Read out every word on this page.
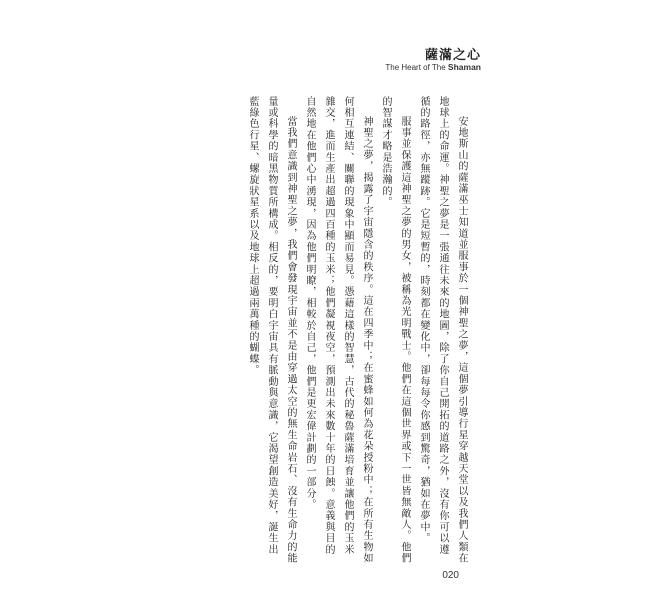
薩滿之心
The Heart of The Shaman

安地斯山的薩滿巫士知道並服事於一個神聖之夢，這個夢引導行星穿越天堂以及我們人類在地球上的命運。神聖之夢是一張通往未來的地圖，除了你自己開拓的道路之外，沒有你可以遵循的路徑，亦無蹤跡。它是短暫的，時刻都在變化中，卻每每令你感到驚奇，猶如在夢中。

服事並保護這神聖之夢的男女，被稱為光明戰士。他們在這個世界或下一世皆無敵人。他們的智謀才略是浩瀚的。

神聖之夢，揭露了宇宙隱含的秩序。這在四季中；在蜜蜂如何為花朵授粉中；在所有生物如何相互連結、關聯的現象中顯而易見。憑藉這樣的智慧，古代的秘魯薩滿培育並讓他們的玉米雜交，進而生產出超過四百種的玉米；他們凝視夜空，預測出未來數十年的日蝕。意義與目的自然地在他們心中湧現，因為他們明瞭，相較於自己，他們是更宏偉計劃的一部分。

當我們意識到神聖之夢，我們會發現宇宙並不是由穿過太空的無生命岩石、沒有生命力的能量或科學的暗黑物質所構成。相反的，要明白宇宙具有脈動與意識，它渴望創造美好，誕生出藍綠色行星、螺旋狀星系以及地球上超過兩萬種的蝴蝶。

020
